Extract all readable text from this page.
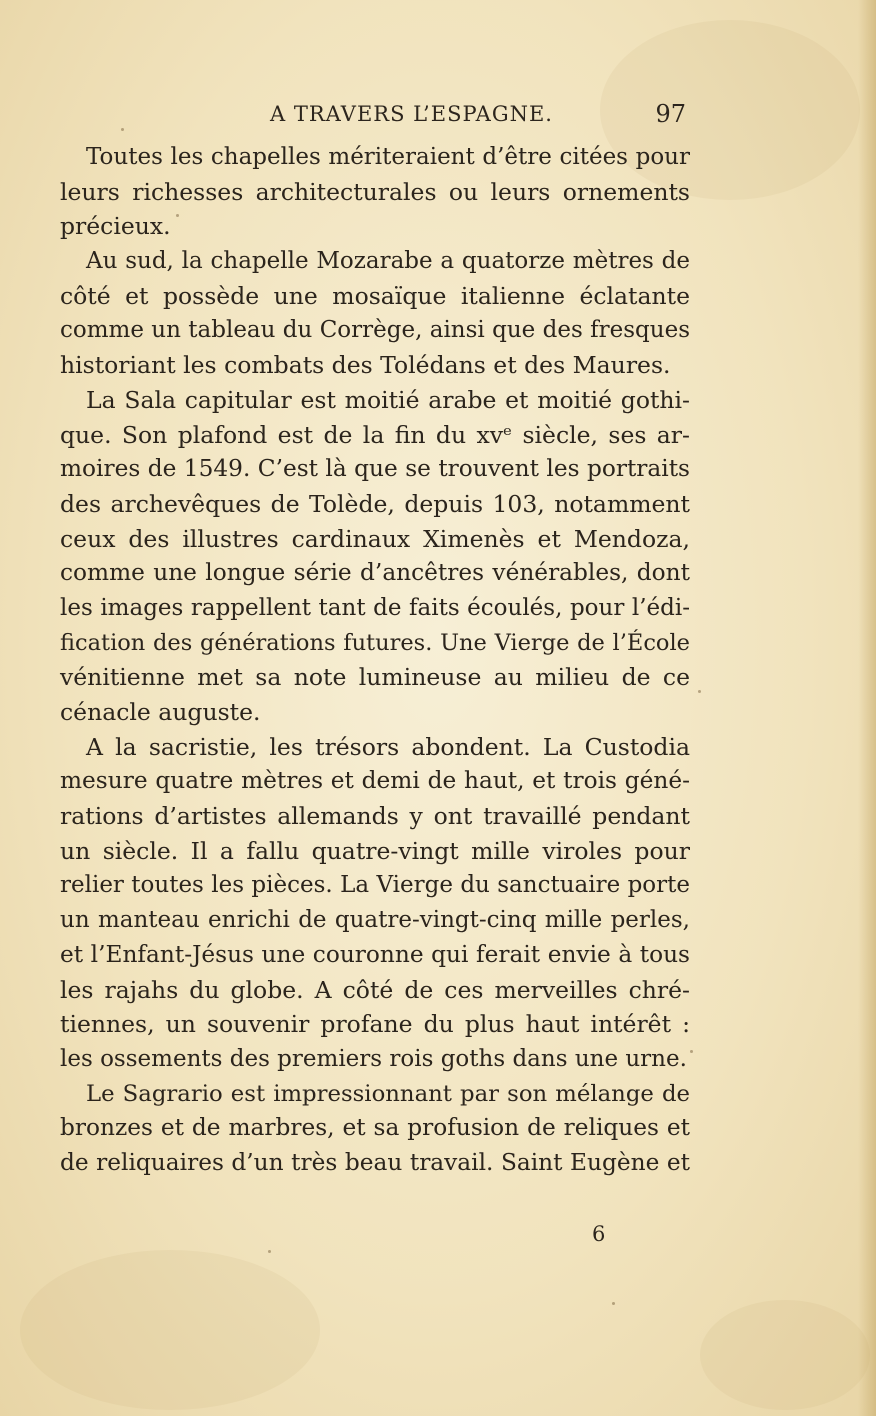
A TRAVERS L’ESPAGNE.	97
Toutes les chapelles mériteraient d’être citées pour
leurs richesses architecturales ou leurs ornements
précieux.
Au sud, la chapelle Mozarabe a quatorze mètres de
côté et possède une mosaïque italienne éclatante
comme un tableau du Corrège, ainsi que des fresques
historiant les combats des Tolédans et des Maures.
La Sala capitular est moitié arabe et moitié gothi-
que. Son plafond est de la fin du xvᵉ siècle, ses ar-
moires de 1549. C’est là que se trouvent les portraits
des archevêques de Tolède, depuis 103, notamment
ceux des illustres cardinaux Ximenès et Mendoza,
comme une longue série d’ancêtres vénérables, dont
les images rappellent tant de faits écoulés, pour l’édi-
fication des générations futures. Une Vierge de l’École
vénitienne met sa note lumineuse au milieu de ce
cénacle auguste.
A la sacristie, les trésors abondent. La Custodia
mesure quatre mètres et demi de haut, et trois géné-
rations d’artistes allemands y ont travaillé pendant
un siècle. Il a fallu quatre-vingt mille viroles pour
relier toutes les pièces. La Vierge du sanctuaire porte
un manteau enrichi de quatre-vingt-cinq mille perles,
et l’Enfant-Jésus une couronne qui ferait envie à tous
les rajahs du globe. A côté de ces merveilles chré-
tiennes, un souvenir profane du plus haut intérêt :
les ossements des premiers rois goths dans une urne.
Le Sagrario est impressionnant par son mélange de
bronzes et de marbres, et sa profusion de reliques et
de reliquaires d’un très beau travail. Saint Eugène et
6
